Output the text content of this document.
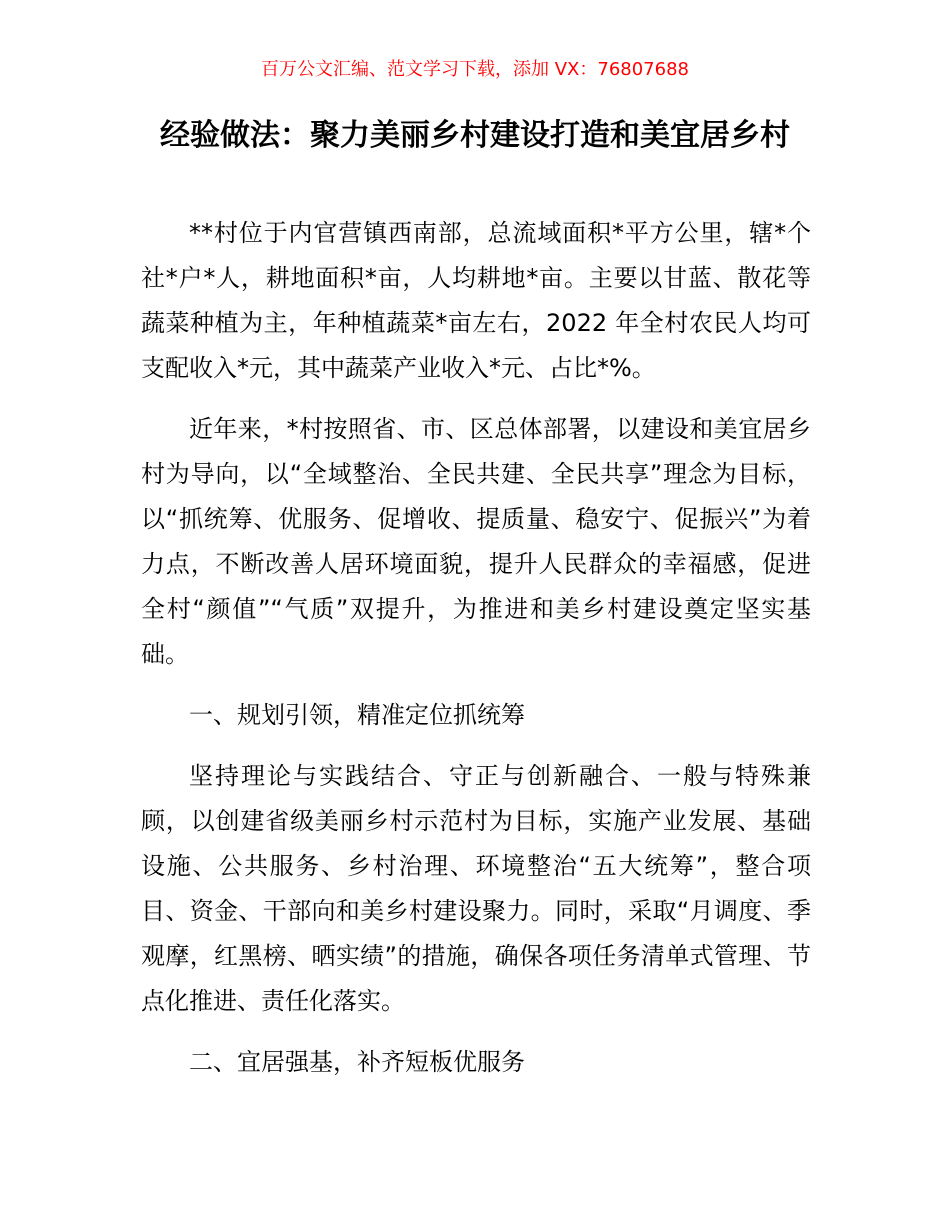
百万公文汇编、范文学习下载，添加 VX：76807688
经验做法：聚力美丽乡村建设打造和美宜居乡村

**村位于内官营镇西南部，总流域面积*平方公里，辖*个社*户*人，耕地面积*亩，人均耕地*亩。主要以甘蓝、散花等蔬菜种植为主，年种植蔬菜*亩左右，2022 年全村农民人均可支配收入*元，其中蔬菜产业收入*元、占比*%。

近年来，*村按照省、市、区总体部署，以建设和美宜居乡村为导向，以“全域整治、全民共建、全民共享”理念为目标，以“抓统筹、优服务、促增收、提质量、稳安宁、促振兴”为着力点，不断改善人居环境面貌，提升人民群众的幸福感，促进全村“颜值”“气质”双提升，为推进和美乡村建设奠定坚实基础。

一、规划引领，精准定位抓统筹

坚持理论与实践结合、守正与创新融合、一般与特殊兼顾，以创建省级美丽乡村示范村为目标，实施产业发展、基础设施、公共服务、乡村治理、环境整治“五大统筹”，整合项目、资金、干部向和美乡村建设聚力。同时，采取“月调度、季观摩，红黑榜、晒实绩”的措施，确保各项任务清单式管理、节点化推进、责任化落实。

二、宜居强基，补齐短板优服务
